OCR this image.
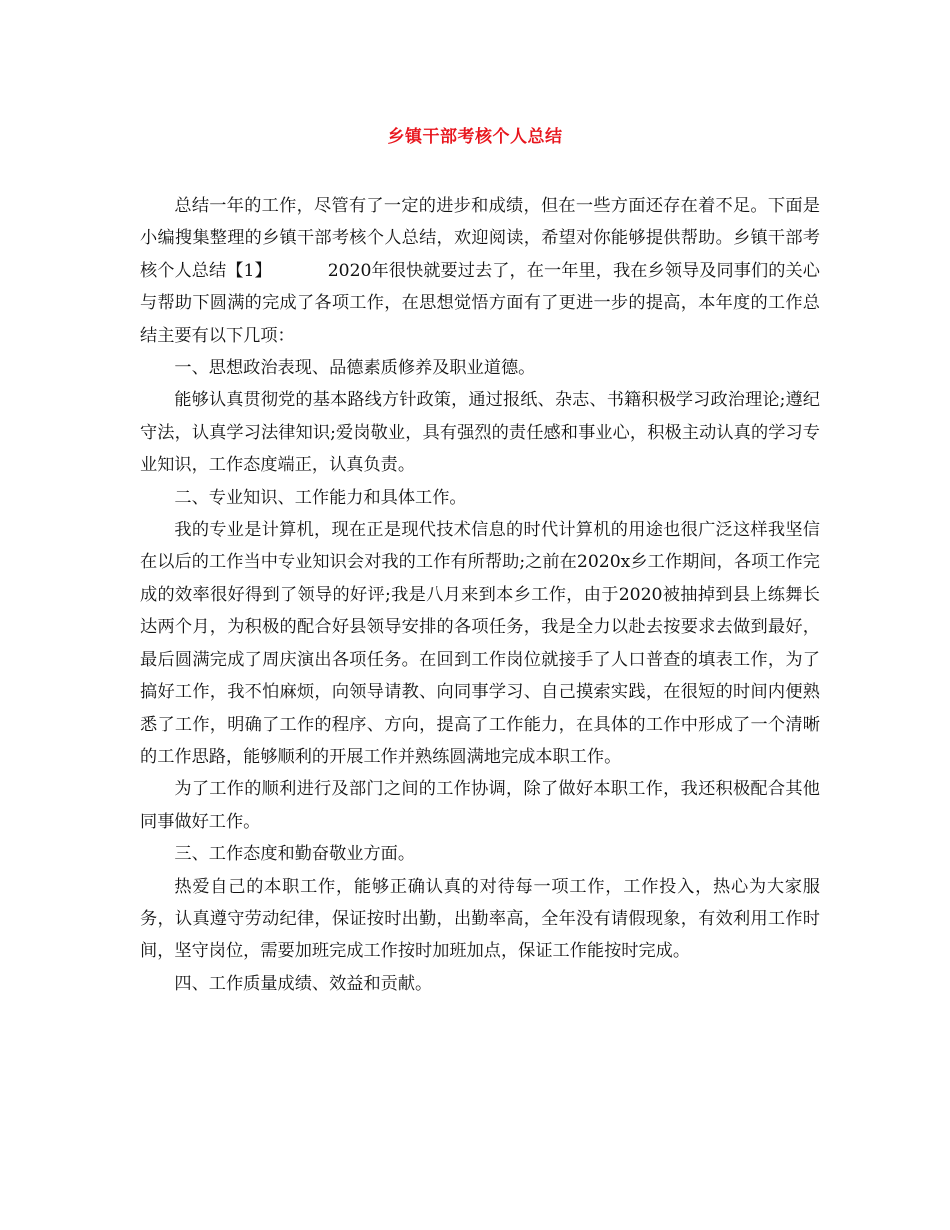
乡镇干部考核个人总结

总结一年的工作，尽管有了一定的进步和成绩，但在一些方面还存在着不足。下面是小编搜集整理的乡镇干部考核个人总结，欢迎阅读，希望对你能够提供帮助。乡镇干部考核个人总结【1】	2020年很快就要过去了，在一年里，我在乡领导及同事们的关心与帮助下圆满的完成了各项工作，在思想觉悟方面有了更进一步的提高，本年度的工作总结主要有以下几项：

一、思想政治表现、品德素质修养及职业道德。

能够认真贯彻党的基本路线方针政策，通过报纸、杂志、书籍积极学习政治理论;遵纪守法，认真学习法律知识;爱岗敬业，具有强烈的责任感和事业心，积极主动认真的学习专业知识，工作态度端正，认真负责。

二、专业知识、工作能力和具体工作。

我的专业是计算机，现在正是现代技术信息的时代计算机的用途也很广泛这样我坚信在以后的工作当中专业知识会对我的工作有所帮助;之前在2020x乡工作期间，各项工作完成的效率很好得到了领导的好评;我是八月来到本乡工作，由于2020被抽掉到县上练舞长达两个月，为积极的配合好县领导安排的各项任务，我是全力以赴去按要求去做到最好，最后圆满完成了周庆演出各项任务。在回到工作岗位就接手了人口普查的填表工作，为了搞好工作，我不怕麻烦，向领导请教、向同事学习、自己摸索实践，在很短的时间内便熟悉了工作，明确了工作的程序、方向，提高了工作能力，在具体的工作中形成了一个清晰的工作思路，能够顺利的开展工作并熟练圆满地完成本职工作。

为了工作的顺利进行及部门之间的工作协调，除了做好本职工作，我还积极配合其他同事做好工作。

三、工作态度和勤奋敬业方面。

热爱自己的本职工作，能够正确认真的对待每一项工作，工作投入，热心为大家服务，认真遵守劳动纪律，保证按时出勤，出勤率高，全年没有请假现象，有效利用工作时间，坚守岗位，需要加班完成工作按时加班加点，保证工作能按时完成。

四、工作质量成绩、效益和贡献。
